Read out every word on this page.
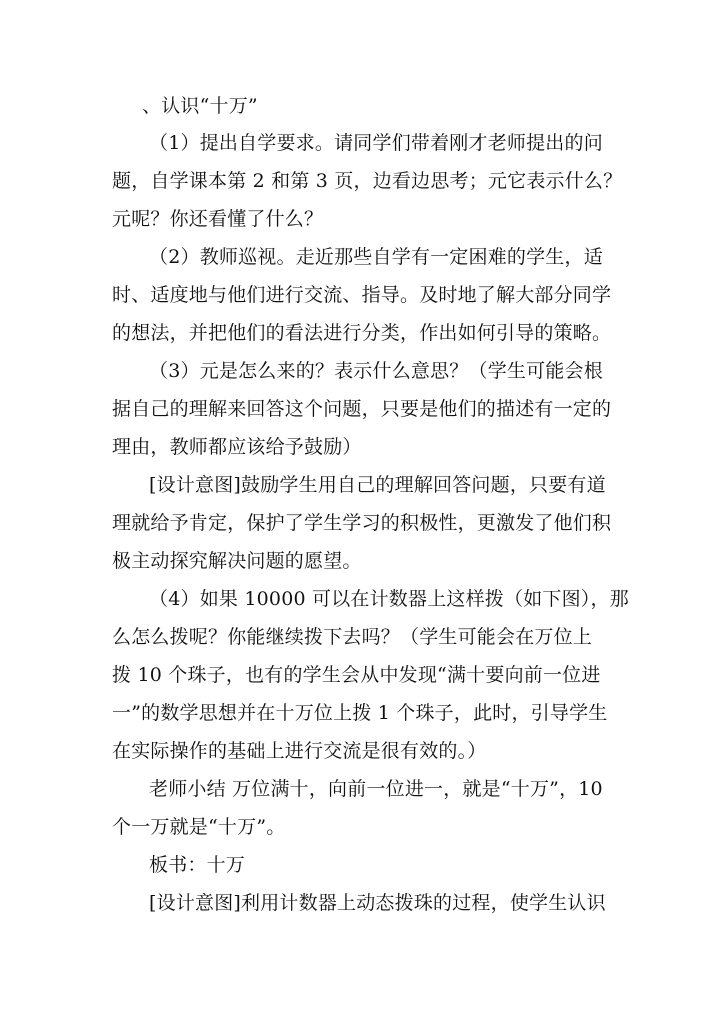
、认识“十万”
（1）提出自学要求。请同学们带着刚才老师提出的问
题，自学课本第 2 和第 3 页，边看边思考；元它表示什么？
元呢？你还看懂了什么？
（2）教师巡视。走近那些自学有一定困难的学生，适
时、适度地与他们进行交流、指导。及时地了解大部分同学
的想法，并把他们的看法进行分类，作出如何引导的策略。
（3）元是怎么来的？表示什么意思？（学生可能会根
据自己的理解来回答这个问题，只要是他们的描述有一定的
理由，教师都应该给予鼓励）
[设计意图]鼓励学生用自己的理解回答问题，只要有道
理就给予肯定，保护了学生学习的积极性，更激发了他们积
极主动探究解决问题的愿望。
（4）如果 10000 可以在计数器上这样拨（如下图），那
么怎么拨呢？你能继续拨下去吗？（学生可能会在万位上
拨 10 个珠子，也有的学生会从中发现“满十要向前一位进
一”的数学思想并在十万位上拨 1 个珠子，此时，引导学生
在实际操作的基础上进行交流是很有效的。）
老师小结 万位满十，向前一位进一，就是“十万”，10
个一万就是“十万”。
板书：十万
[设计意图]利用计数器上动态拨珠的过程，使学生认识
